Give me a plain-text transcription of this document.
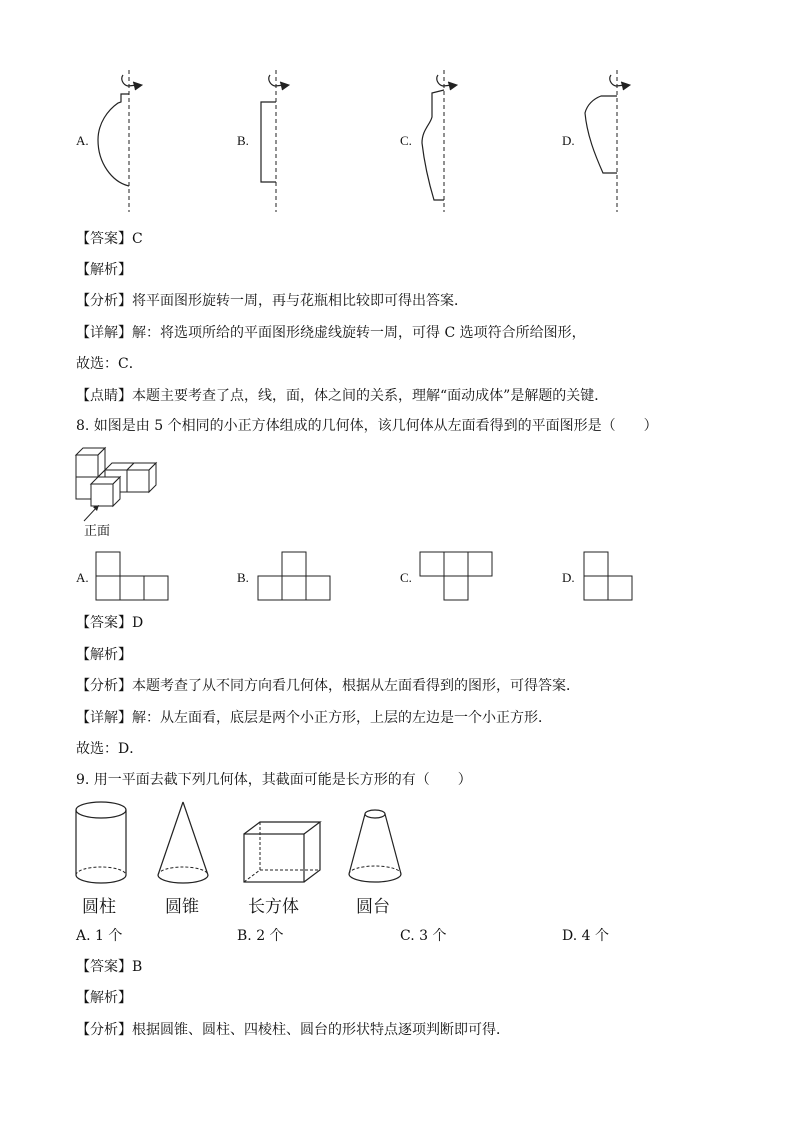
A.	B.	C.	D.
【答案】C
【解析】
【分析】将平面图形旋转一周，再与花瓶相比较即可得出答案．
【详解】解：将选项所给的平面图形绕虚线旋转一周，可得 C 选项符合所给图形，
故选：C．
【点睛】本题主要考查了点，线，面，体之间的关系，理解“面动成体”是解题的关键．
8. 如图是由 5 个相同的小正方体组成的几何体，该几何体从左面看得到的平面图形是（　　）
正面
A.	B.	C.	D.
【答案】D
【解析】
【分析】本题考查了从不同方向看几何体，根据从左面看得到的图形，可得答案．
【详解】解：从左面看，底层是两个小正方形，上层的左边是一个小正方形．
故选：D．
9. 用一平面去截下列几何体，其截面可能是长方形的有（　　）
圆柱	圆锥	长方体	圆台
A. 1 个	B. 2 个	C. 3 个	D. 4 个
【答案】B
【解析】
【分析】根据圆锥、圆柱、四棱柱、圆台的形状特点逐项判断即可得．
